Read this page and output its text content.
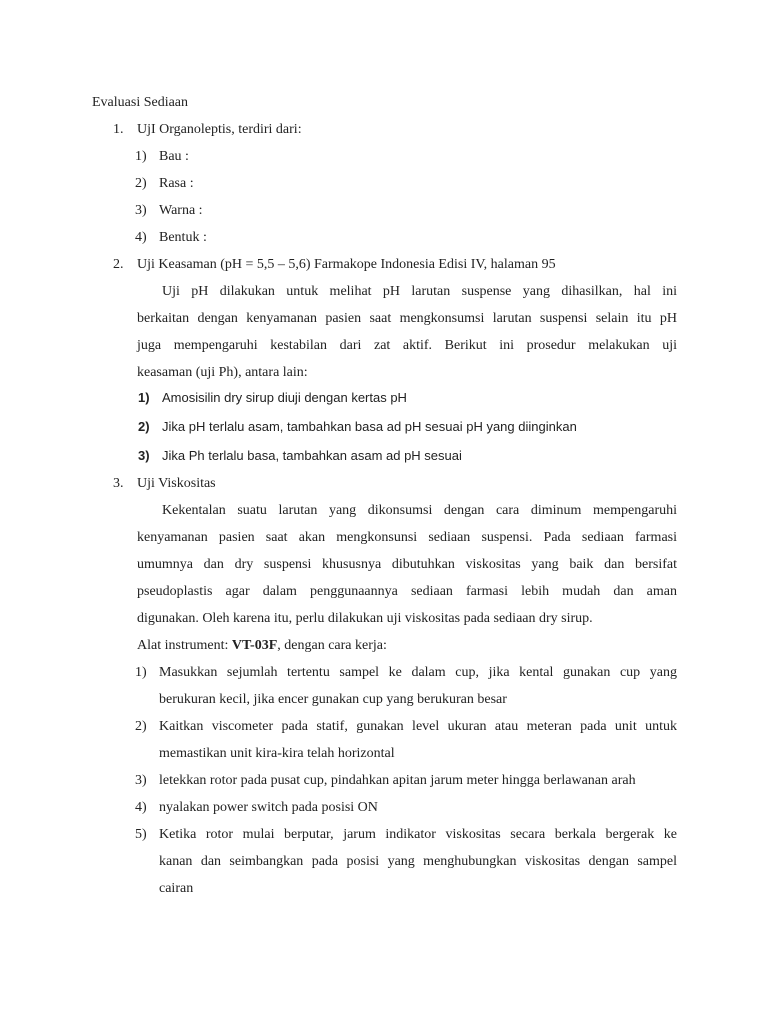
Evaluasi Sediaan
1. UjI Organoleptis, terdiri dari:
1) Bau :
2) Rasa :
3) Warna :
4) Bentuk :
2. Uji Keasaman (pH = 5,5 – 5,6) Farmakope Indonesia Edisi IV, halaman 95
Uji pH dilakukan untuk melihat pH larutan suspense yang dihasilkan, hal ini
berkaitan dengan kenyamanan pasien saat mengkonsumsi larutan suspensi selain itu pH
juga mempengaruhi kestabilan dari zat aktif. Berikut ini prosedur melakukan uji
keasaman (uji Ph), antara lain:
1) Amosisilin dry sirup diuji dengan kertas pH
2) Jika pH terlalu asam, tambahkan basa ad pH sesuai pH yang diinginkan
3) Jika Ph terlalu basa, tambahkan asam ad pH sesuai
3. Uji Viskositas
Kekentalan suatu larutan yang dikonsumsi dengan cara diminum mempengaruhi
kenyamanan pasien saat akan mengkonsunsi sediaan suspensi. Pada sediaan farmasi
umumnya dan dry suspensi khususnya dibutuhkan viskositas yang baik dan bersifat
pseudoplastis agar dalam penggunaannya sediaan farmasi lebih mudah dan aman
digunakan. Oleh karena itu, perlu dilakukan uji viskositas pada sediaan dry sirup.
Alat instrument: VT-03F, dengan cara kerja:
1) Masukkan sejumlah tertentu sampel ke dalam cup, jika kental gunakan cup yang
berukuran kecil, jika encer gunakan cup yang berukuran besar
2) Kaitkan viscometer pada statif, gunakan level ukuran atau meteran pada unit untuk
memastikan unit kira-kira telah horizontal
3) letekkan rotor pada pusat cup, pindahkan apitan jarum meter hingga berlawanan arah
4) nyalakan power switch pada posisi ON
5) Ketika rotor mulai berputar, jarum indikator viskositas secara berkala bergerak ke
kanan dan seimbangkan pada posisi yang menghubungkan viskositas dengan sampel
cairan
